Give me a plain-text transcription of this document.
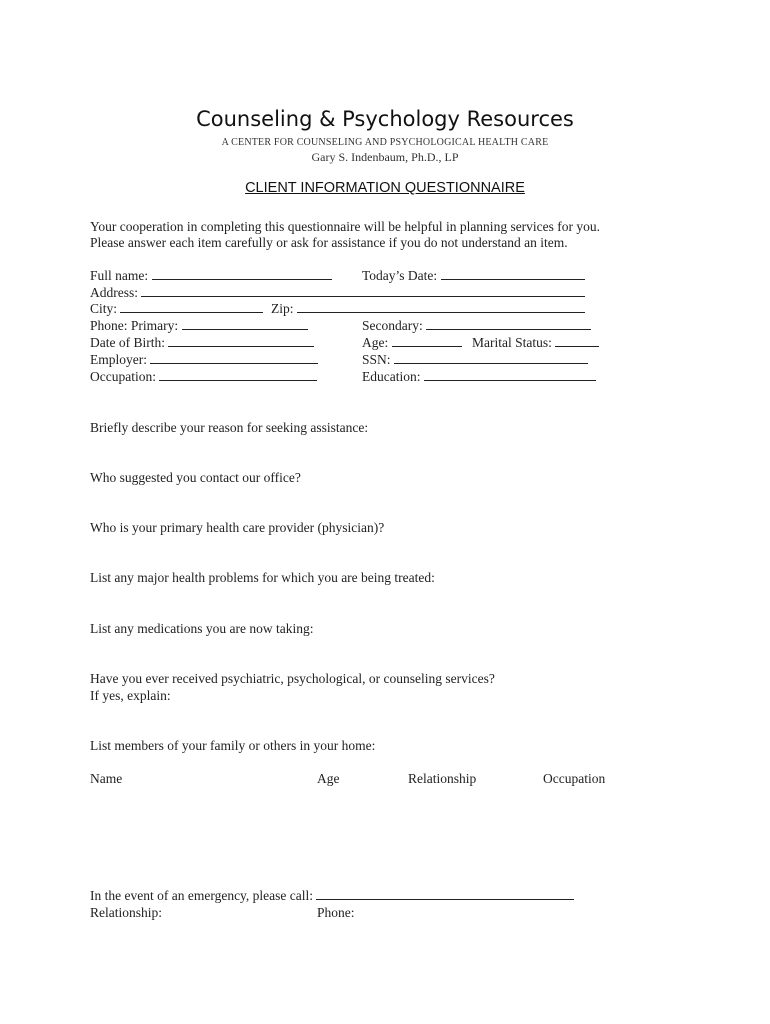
Counseling & Psychology Resources
A CENTER FOR COUNSELING AND PSYCHOLOGICAL HEALTH CARE
Gary S. Indenbaum, Ph.D., LP
CLIENT INFORMATION QUESTIONNAIRE
Your cooperation in completing this questionnaire will be helpful in planning services for you.
Please answer each item carefully or ask for assistance if you do not understand an item.
Full name:	Today’s Date:
Address:
City:	Zip:
Phone: Primary:	Secondary:
Date of Birth:	Age:	Marital Status:
Employer:	SSN:
Occupation:	Education:
Briefly describe your reason for seeking assistance:
Who suggested you contact our office?
Who is your primary health care provider (physician)?
List any major health problems for which you are being treated:
List any medications you are now taking:
Have you ever received psychiatric, psychological, or counseling services?
If yes, explain:
List members of your family or others in your home:
Name	Age	Relationship	Occupation
In the event of an emergency, please call:
Relationship:	Phone:
